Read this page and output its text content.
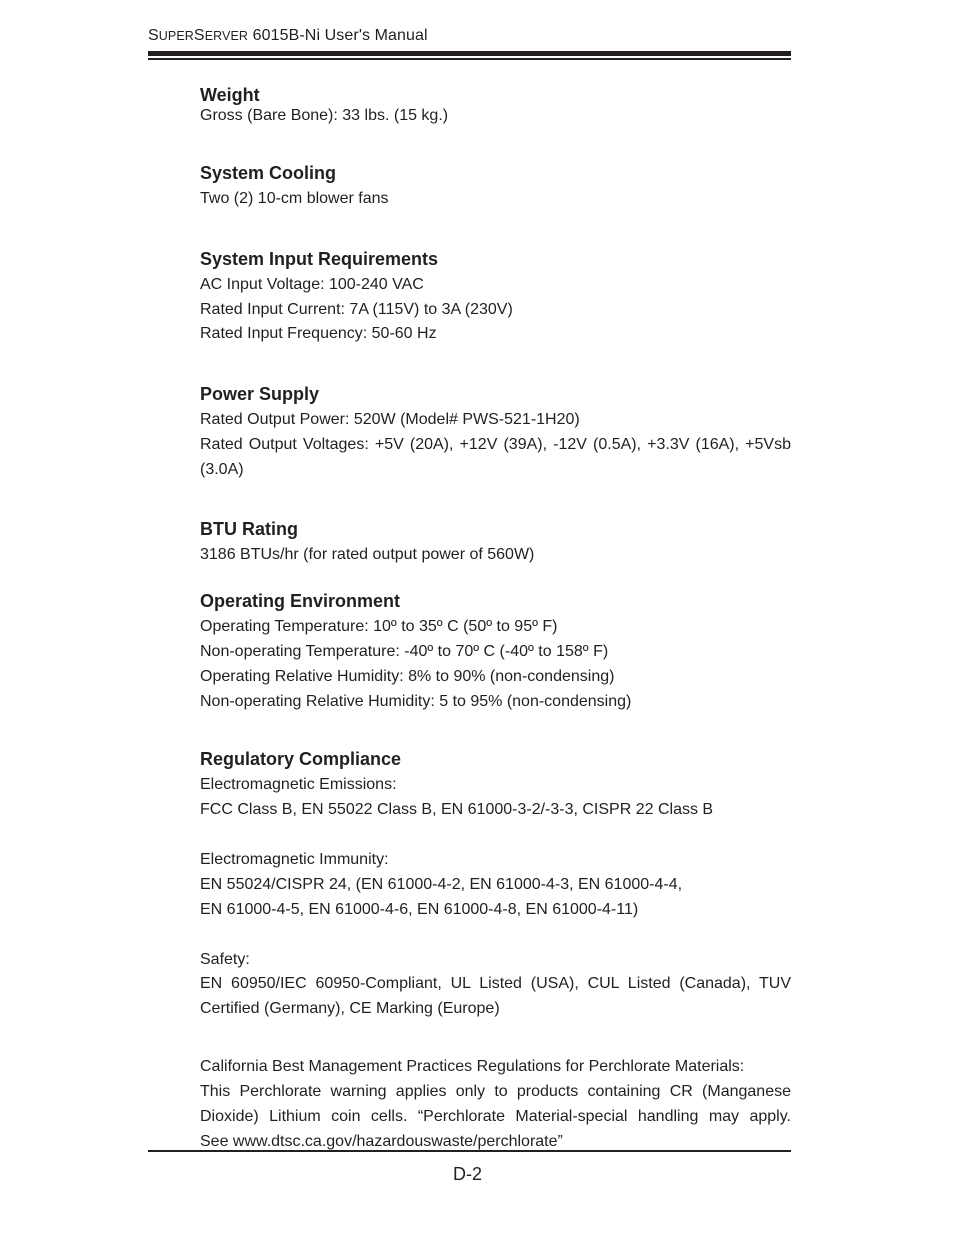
SUPERSERVER 6015B-Ni User's Manual
Weight
Gross (Bare Bone): 33 lbs. (15 kg.)
System Cooling
Two (2) 10-cm blower fans
System Input Requirements
AC Input Voltage: 100-240 VAC
Rated Input Current: 7A (115V) to 3A (230V)
Rated Input Frequency: 50-60 Hz
Power Supply
Rated Output Power: 520W (Model# PWS-521-1H20)
Rated Output Voltages: +5V (20A), +12V (39A), -12V (0.5A), +3.3V (16A), +5Vsb
(3.0A)
BTU Rating
3186 BTUs/hr (for rated output power of 560W)
Operating Environment
Operating Temperature: 10º to 35º C (50º to 95º F)
Non-operating Temperature: -40º to 70º C (-40º to 158º F)
Operating Relative Humidity: 8% to 90% (non-condensing)
Non-operating Relative Humidity: 5 to 95% (non-condensing)
Regulatory Compliance
Electromagnetic Emissions:
FCC Class B, EN 55022 Class B, EN 61000-3-2/-3-3, CISPR 22 Class B
Electromagnetic Immunity:
EN 55024/CISPR 24, (EN 61000-4-2, EN 61000-4-3, EN 61000-4-4,
EN 61000-4-5, EN 61000-4-6, EN 61000-4-8, EN 61000-4-11)
Safety:
EN 60950/IEC 60950-Compliant, UL Listed (USA), CUL Listed (Canada), TUV
Certified (Germany), CE Marking (Europe)
California Best Management Practices Regulations for Perchlorate Materials:
This Perchlorate warning applies only to products containing CR (Manganese
Dioxide) Lithium coin cells. “Perchlorate Material-special handling may apply.
See www.dtsc.ca.gov/hazardouswaste/perchlorate”
D-2
